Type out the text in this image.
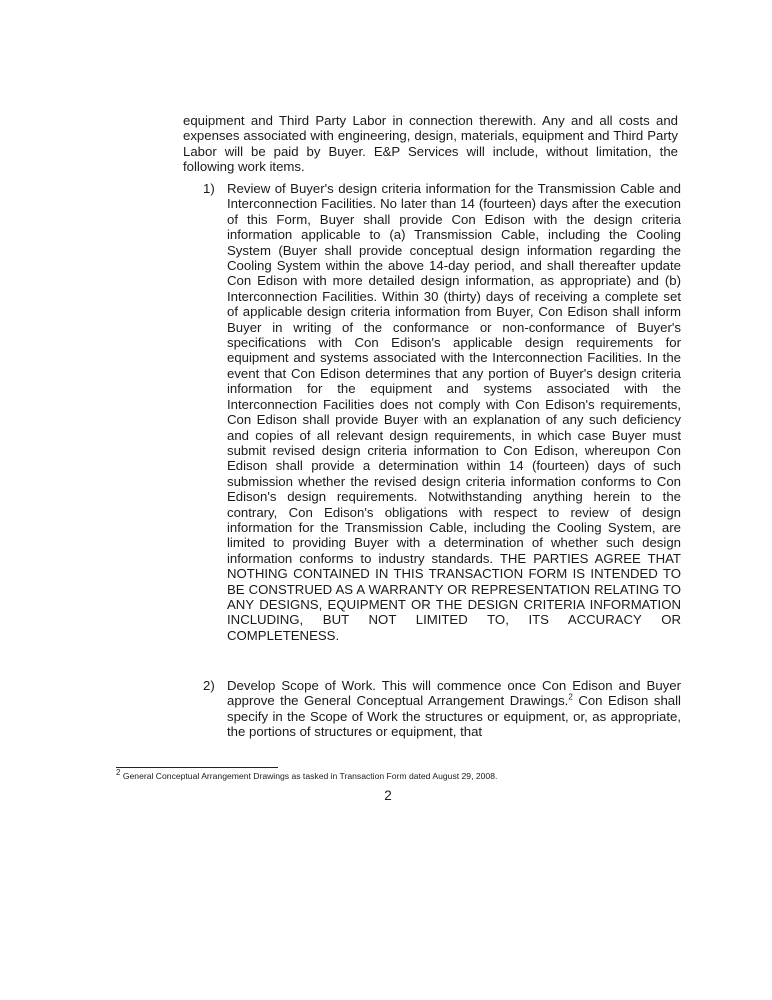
equipment and Third Party Labor in connection therewith. Any and all costs and expenses associated with engineering, design, materials, equipment and Third Party Labor will be paid by Buyer. E&P Services will include, without limitation, the following work items.

1) Review of Buyer's design criteria information for the Transmission Cable and Interconnection Facilities. No later than 14 (fourteen) days after the execution of this Form, Buyer shall provide Con Edison with the design criteria information applicable to (a) Transmission Cable, including the Cooling System (Buyer shall provide conceptual design information regarding the Cooling System within the above 14-day period, and shall thereafter update Con Edison with more detailed design information, as appropriate) and (b) Interconnection Facilities. Within 30 (thirty) days of receiving a complete set of applicable design criteria information from Buyer, Con Edison shall inform Buyer in writing of the conformance or non-conformance of Buyer's specifications with Con Edison's applicable design requirements for equipment and systems associated with the Interconnection Facilities. In the event that Con Edison determines that any portion of Buyer's design criteria information for the equipment and systems associated with the Interconnection Facilities does not comply with Con Edison's requirements, Con Edison shall provide Buyer with an explanation of any such deficiency and copies of all relevant design requirements, in which case Buyer must submit revised design criteria information to Con Edison, whereupon Con Edison shall provide a determination within 14 (fourteen) days of such submission whether the revised design criteria information conforms to Con Edison's design requirements. Notwithstanding anything herein to the contrary, Con Edison's obligations with respect to review of design information for the Transmission Cable, including the Cooling System, are limited to providing Buyer with a determination of whether such design information conforms to industry standards. THE PARTIES AGREE THAT NOTHING CONTAINED IN THIS TRANSACTION FORM IS INTENDED TO BE CONSTRUED AS A WARRANTY OR REPRESENTATION RELATING TO ANY DESIGNS, EQUIPMENT OR THE DESIGN CRITERIA INFORMATION INCLUDING, BUT NOT LIMITED TO, ITS ACCURACY OR COMPLETENESS.
2) Develop Scope of Work. This will commence once Con Edison and Buyer approve the General Conceptual Arrangement Drawings.$^2$ Con Edison shall specify in the Scope of Work the structures or equipment, or, as appropriate, the portions of structures or equipment, that
$^2$ General Conceptual Arrangement Drawings as tasked in Transaction Form dated August 29, 2008.
2
